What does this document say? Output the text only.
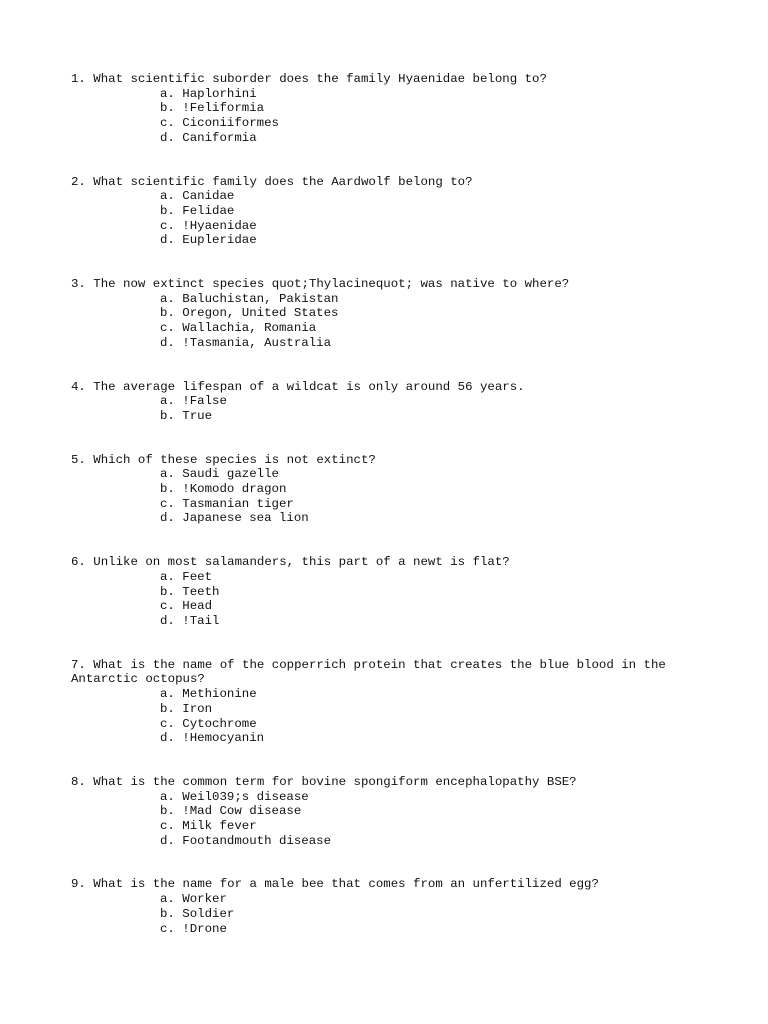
1. What scientific suborder does the family Hyaenidae belong to?

a. Haplorhini
b. !Feliformia
c. Ciconiiformes
d. Caniformia

2. What scientific family does the Aardwolf belong to?

a. Canidae
b. Felidae
c. !Hyaenidae
d. Eupleridae

3. The now extinct species quot;Thylacinequot; was native to where?

a. Baluchistan, Pakistan
b. Oregon, United States
c. Wallachia, Romania
d. !Tasmania, Australia

4. The average lifespan of a wildcat is only around 56 years.

a. !False
b. True

5. Which of these species is not extinct?

a. Saudi gazelle
b. !Komodo dragon
c. Tasmanian tiger
d. Japanese sea lion

6. Unlike on most salamanders, this part of a newt is flat?

a. Feet
b. Teeth
c. Head
d. !Tail

7. What is the name of the copperrich protein that creates the blue blood in the Antarctic octopus?

a. Methionine
b. Iron
c. Cytochrome
d. !Hemocyanin

8. What is the common term for bovine spongiform encephalopathy BSE?

a. Weil039;s disease
b. !Mad Cow disease
c. Milk fever
d. Footandmouth disease

9. What is the name for a male bee that comes from an unfertilized egg?

a. Worker
b. Soldier
c. !Drone
